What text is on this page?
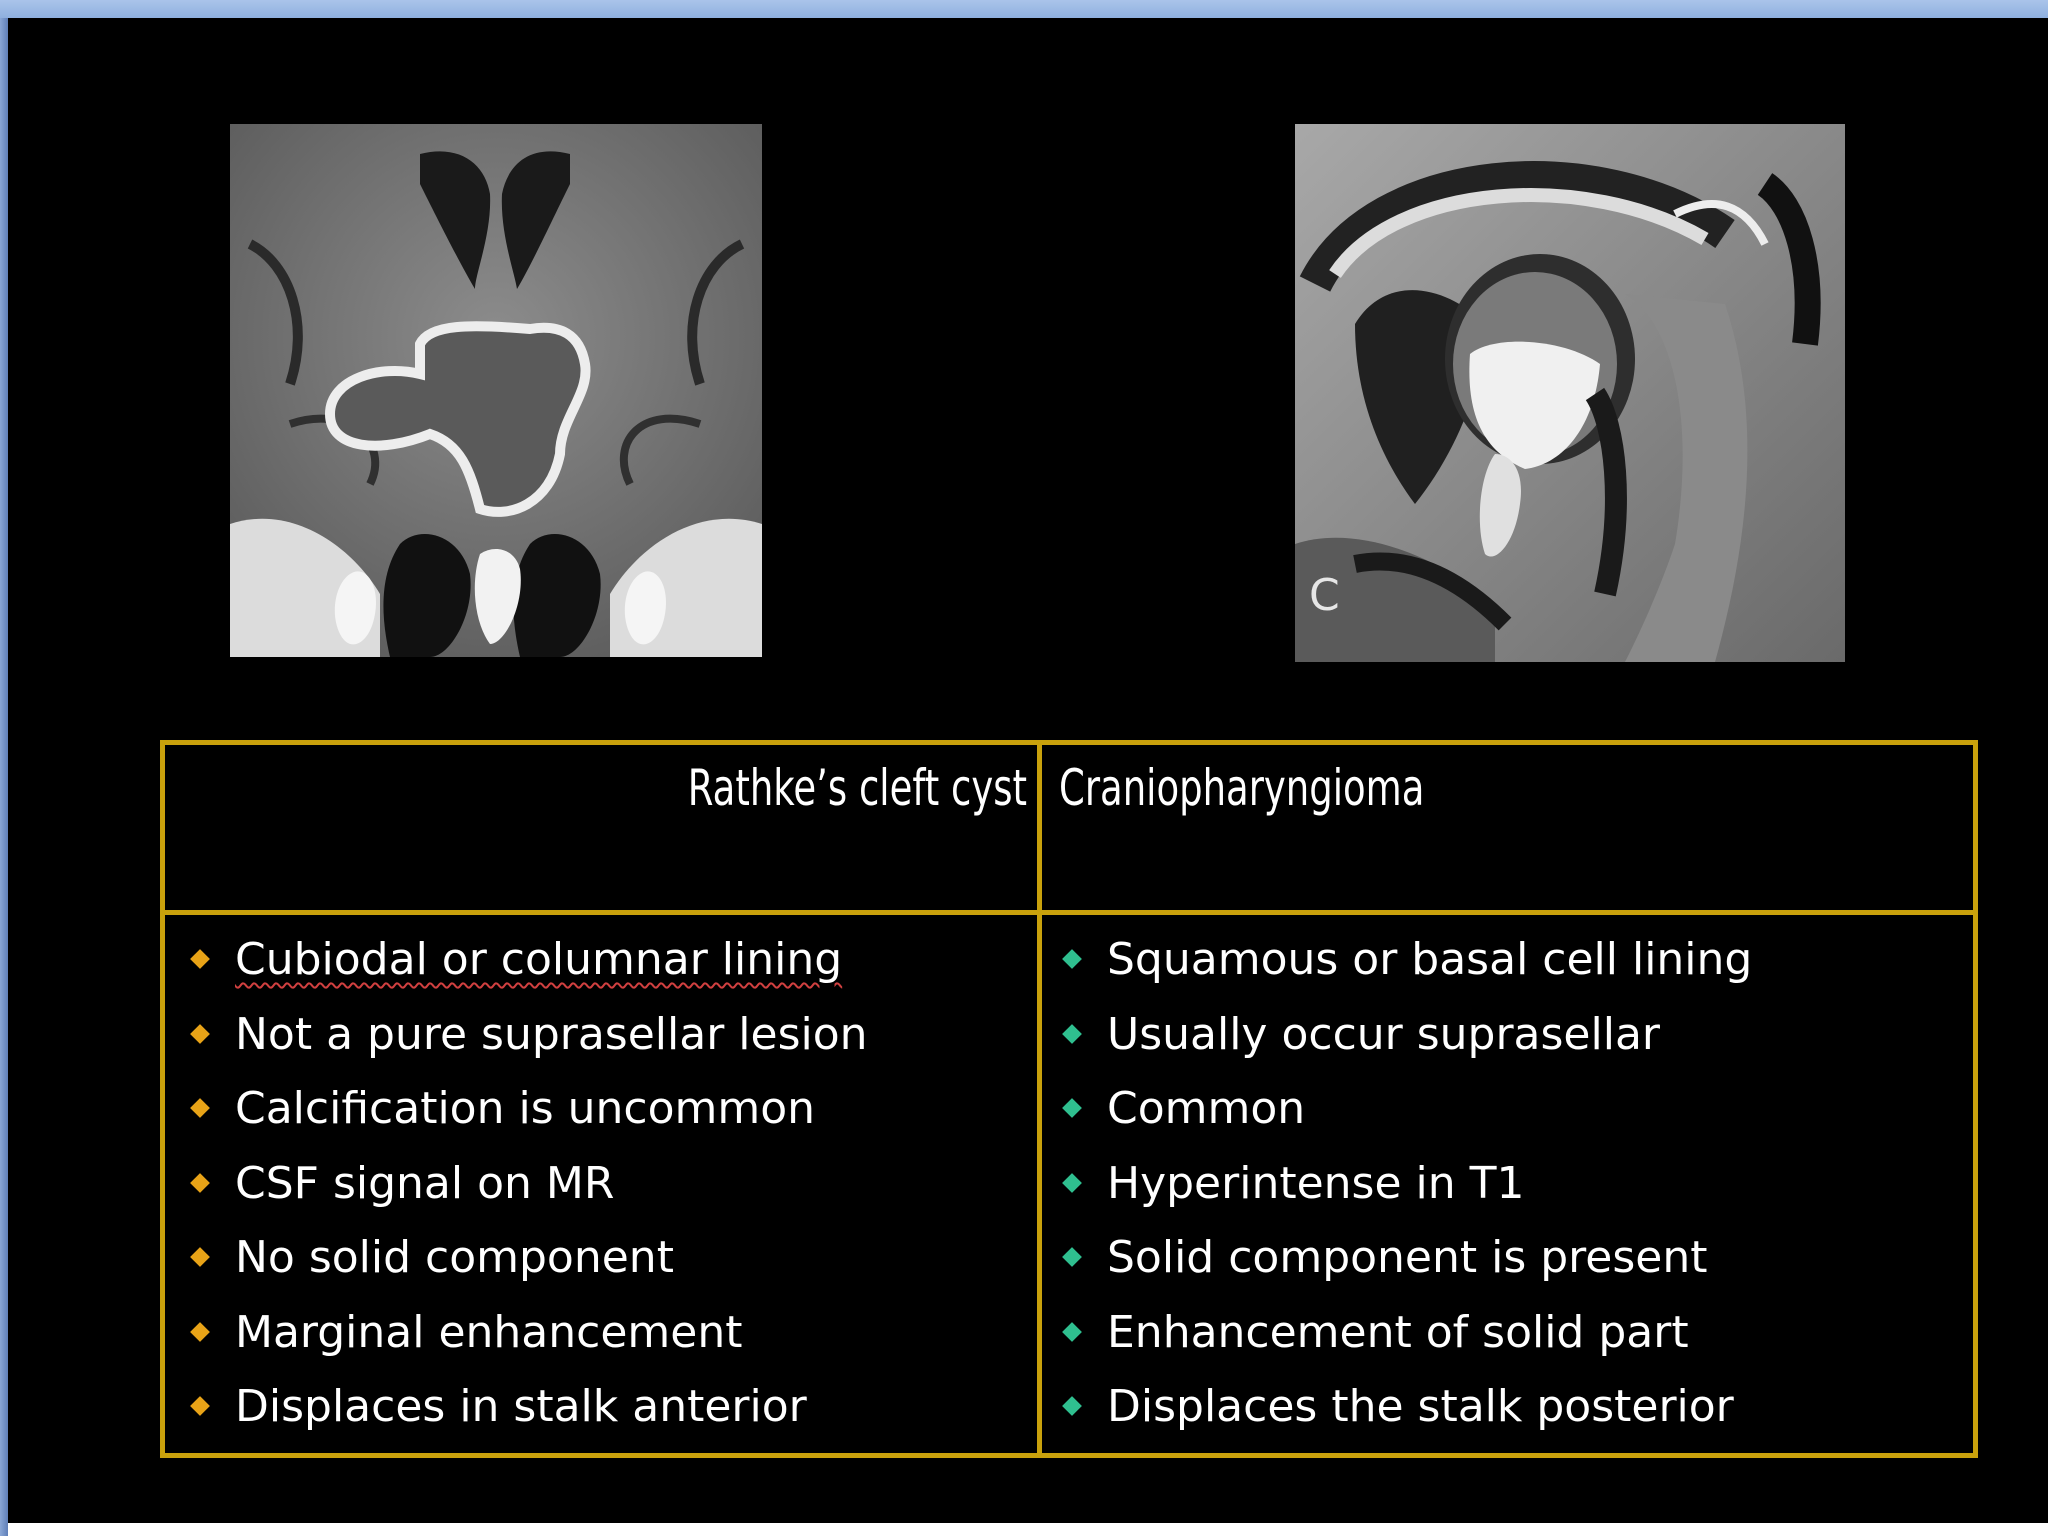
C
Rathke’s cleft cyst Craniopharyngioma
Cubiodal or columnar lining
Not a pure suprasellar lesion
Calcification is uncommon
CSF signal on MR
No solid component
Marginal enhancement
Displaces in stalk anterior
Squamous or basal cell lining
Usually occur suprasellar
Common
Hyperintense in T1
Solid component is present
Enhancement of solid part
Displaces the stalk posterior
